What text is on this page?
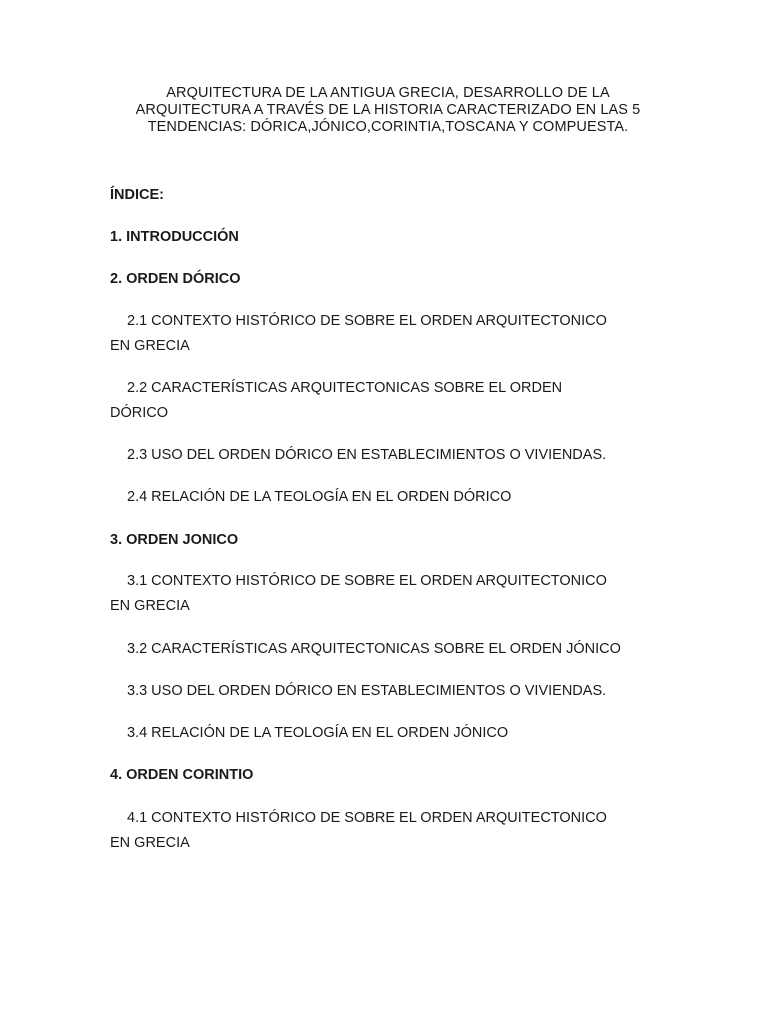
ARQUITECTURA DE LA ANTIGUA GRECIA, DESARROLLO DE LA
ARQUITECTURA A TRAVÉS DE LA HISTORIA CARACTERIZADO EN LAS 5
TENDENCIAS: DÓRICA,JÓNICO,CORINTIA,TOSCANA Y COMPUESTA.
ÍNDICE:
1. INTRODUCCIÓN
2. ORDEN DÓRICO
2.1 CONTEXTO HISTÓRICO DE SOBRE EL ORDEN ARQUITECTONICO
EN GRECIA
2.2 CARACTERÍSTICAS ARQUITECTONICAS SOBRE EL ORDEN
DÓRICO
2.3 USO DEL ORDEN DÓRICO EN ESTABLECIMIENTOS O VIVIENDAS.
2.4 RELACIÓN DE LA TEOLOGÍA EN EL ORDEN DÓRICO
3. ORDEN JONICO
3.1 CONTEXTO HISTÓRICO DE SOBRE EL ORDEN ARQUITECTONICO
EN GRECIA
3.2 CARACTERÍSTICAS ARQUITECTONICAS SOBRE EL ORDEN JÓNICO
3.3 USO DEL ORDEN DÓRICO EN ESTABLECIMIENTOS O VIVIENDAS.
3.4 RELACIÓN DE LA TEOLOGÍA EN EL ORDEN JÓNICO
4. ORDEN CORINTIO
4.1 CONTEXTO HISTÓRICO DE SOBRE EL ORDEN ARQUITECTONICO
EN GRECIA
